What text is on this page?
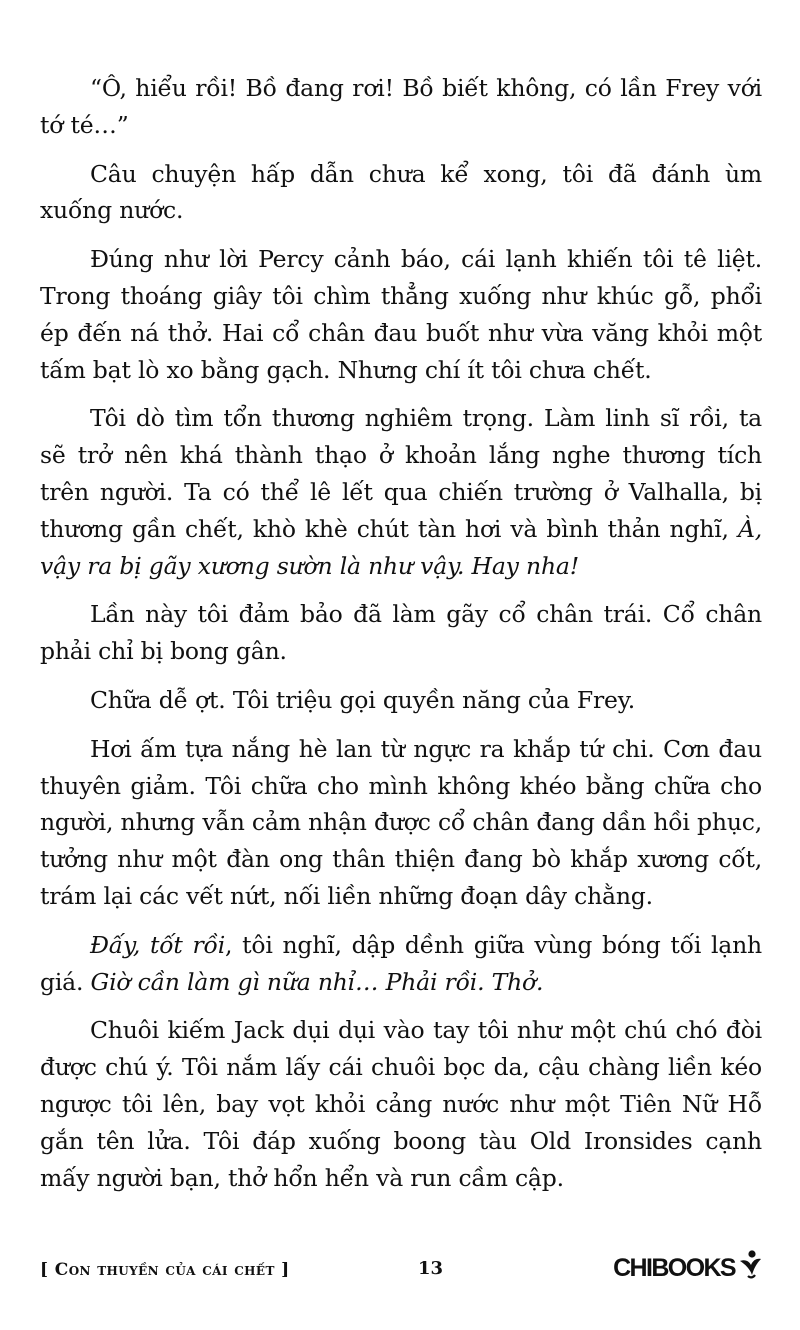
“Ô, hiểu rồi! Bồ đang rơi! Bồ biết không, có lần Frey với tớ té…”

Câu chuyện hấp dẫn chưa kể xong, tôi đã đánh ùm xuống nước.

Đúng như lời Percy cảnh báo, cái lạnh khiến tôi tê liệt. Trong thoáng giây tôi chìm thẳng xuống như khúc gỗ, phổi ép đến ná thở. Hai cổ chân đau buốt như vừa văng khỏi một tấm bạt lò xo bằng gạch. Nhưng chí ít tôi chưa chết.

Tôi dò tìm tổn thương nghiêm trọng. Làm linh sĩ rồi, ta sẽ trở nên khá thành thạo ở khoản lắng nghe thương tích trên người. Ta có thể lê lết qua chiến trường ở Valhalla, bị thương gần chết, khò khè chút tàn hơi và bình thản nghĩ, À, vậy ra bị gãy xương sườn là như vậy. Hay nha!

Lần này tôi đảm bảo đã làm gãy cổ chân trái. Cổ chân phải chỉ bị bong gân.

Chữa dễ ợt. Tôi triệu gọi quyền năng của Frey.

Hơi ấm tựa nắng hè lan từ ngực ra khắp tứ chi. Cơn đau thuyên giảm. Tôi chữa cho mình không khéo bằng chữa cho người, nhưng vẫn cảm nhận được cổ chân đang dần hồi phục, tưởng như một đàn ong thân thiện đang bò khắp xương cốt, trám lại các vết nứt, nối liền những đoạn dây chằng.

Đấy, tốt rồi, tôi nghĩ, dập dềnh giữa vùng bóng tối lạnh giá. Giờ cần làm gì nữa nhỉ… Phải rồi. Thở.

Chuôi kiếm Jack dụi dụi vào tay tôi như một chú chó đòi được chú ý. Tôi nắm lấy cái chuôi bọc da, cậu chàng liền kéo ngược tôi lên, bay vọt khỏi cảng nước như một Tiên Nữ Hỗ gắn tên lửa. Tôi đáp xuống boong tàu Old Ironsides cạnh mấy người bạn, thở hổn hển và run cầm cập.

[ Con thuyền của cái chết ]	13	CHIBOOKS
